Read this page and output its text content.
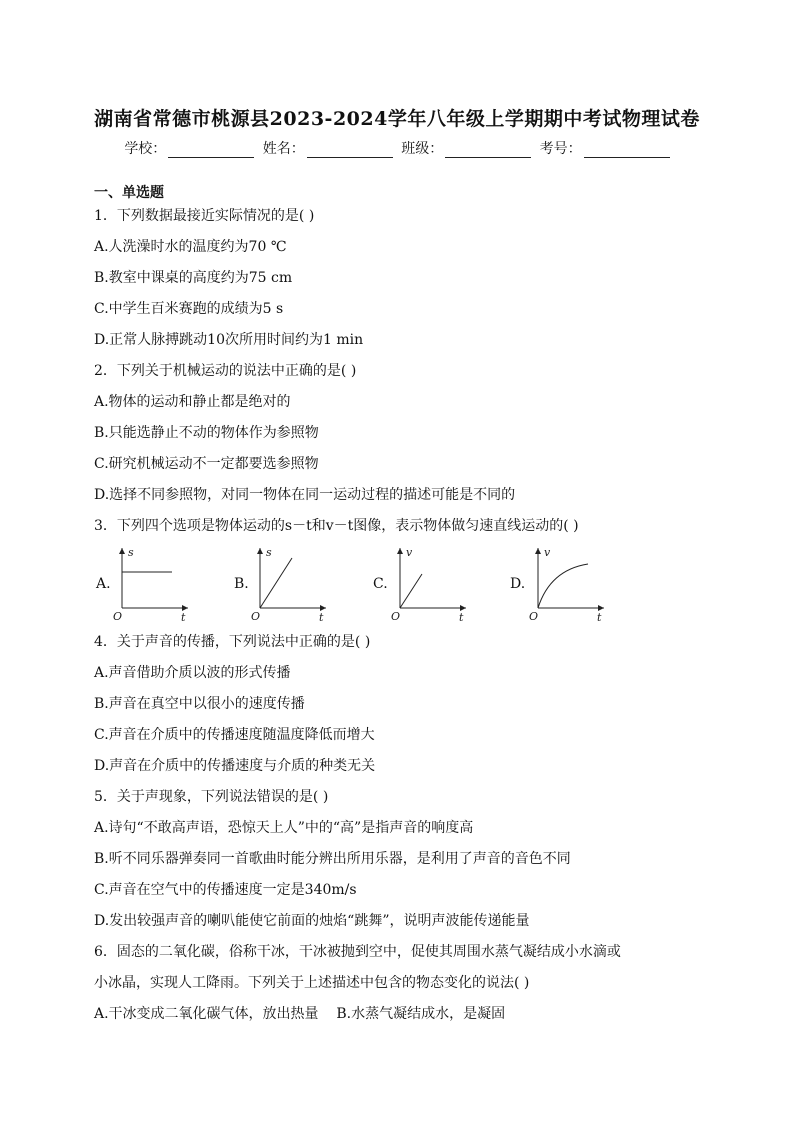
湖南省常德市桃源县2023-2024学年八年级上学期期中考试物理试卷
学校：	姓名：	班级：	考号：
一、单选题
1．下列数据最接近实际情况的是( )
A.人洗澡时水的温度约为70 ℃
B.教室中课桌的高度约为75 cm
C.中学生百米赛跑的成绩为5 s
D.正常人脉搏跳动10次所用时间约为1 min
2．下列关于机械运动的说法中正确的是( )
A.物体的运动和静止都是绝对的
B.只能选静止不动的物体作为参照物
C.研究机械运动不一定都要选参照物
D.选择不同参照物，对同一物体在同一运动过程的描述可能是不同的
3．下列四个选项是物体运动的s－t和v－t图像，表示物体做匀速直线运动的( )
A.
s
t
O
B.
s
t
O
C.
v
t
O
D.
v
t
O
4．关于声音的传播，下列说法中正确的是( )
A.声音借助介质以波的形式传播
B.声音在真空中以很小的速度传播
C.声音在介质中的传播速度随温度降低而增大
D.声音在介质中的传播速度与介质的种类无关
5．关于声现象，下列说法错误的是( )
A.诗句“不敢高声语，恐惊天上人”中的“高”是指声音的响度高
B.听不同乐器弹奏同一首歌曲时能分辨出所用乐器，是利用了声音的音色不同
C.声音在空气中的传播速度一定是340m/s
D.发出较强声音的喇叭能使它前面的烛焰“跳舞”，说明声波能传递能量
6．固态的二氧化碳，俗称干冰，干冰被抛到空中，促使其周围水蒸气凝结成小水滴或
小冰晶，实现人工降雨。下列关于上述描述中包含的物态变化的说法( )
A.干冰变成二氧化碳气体，放出热量    B.水蒸气凝结成水，是凝固
